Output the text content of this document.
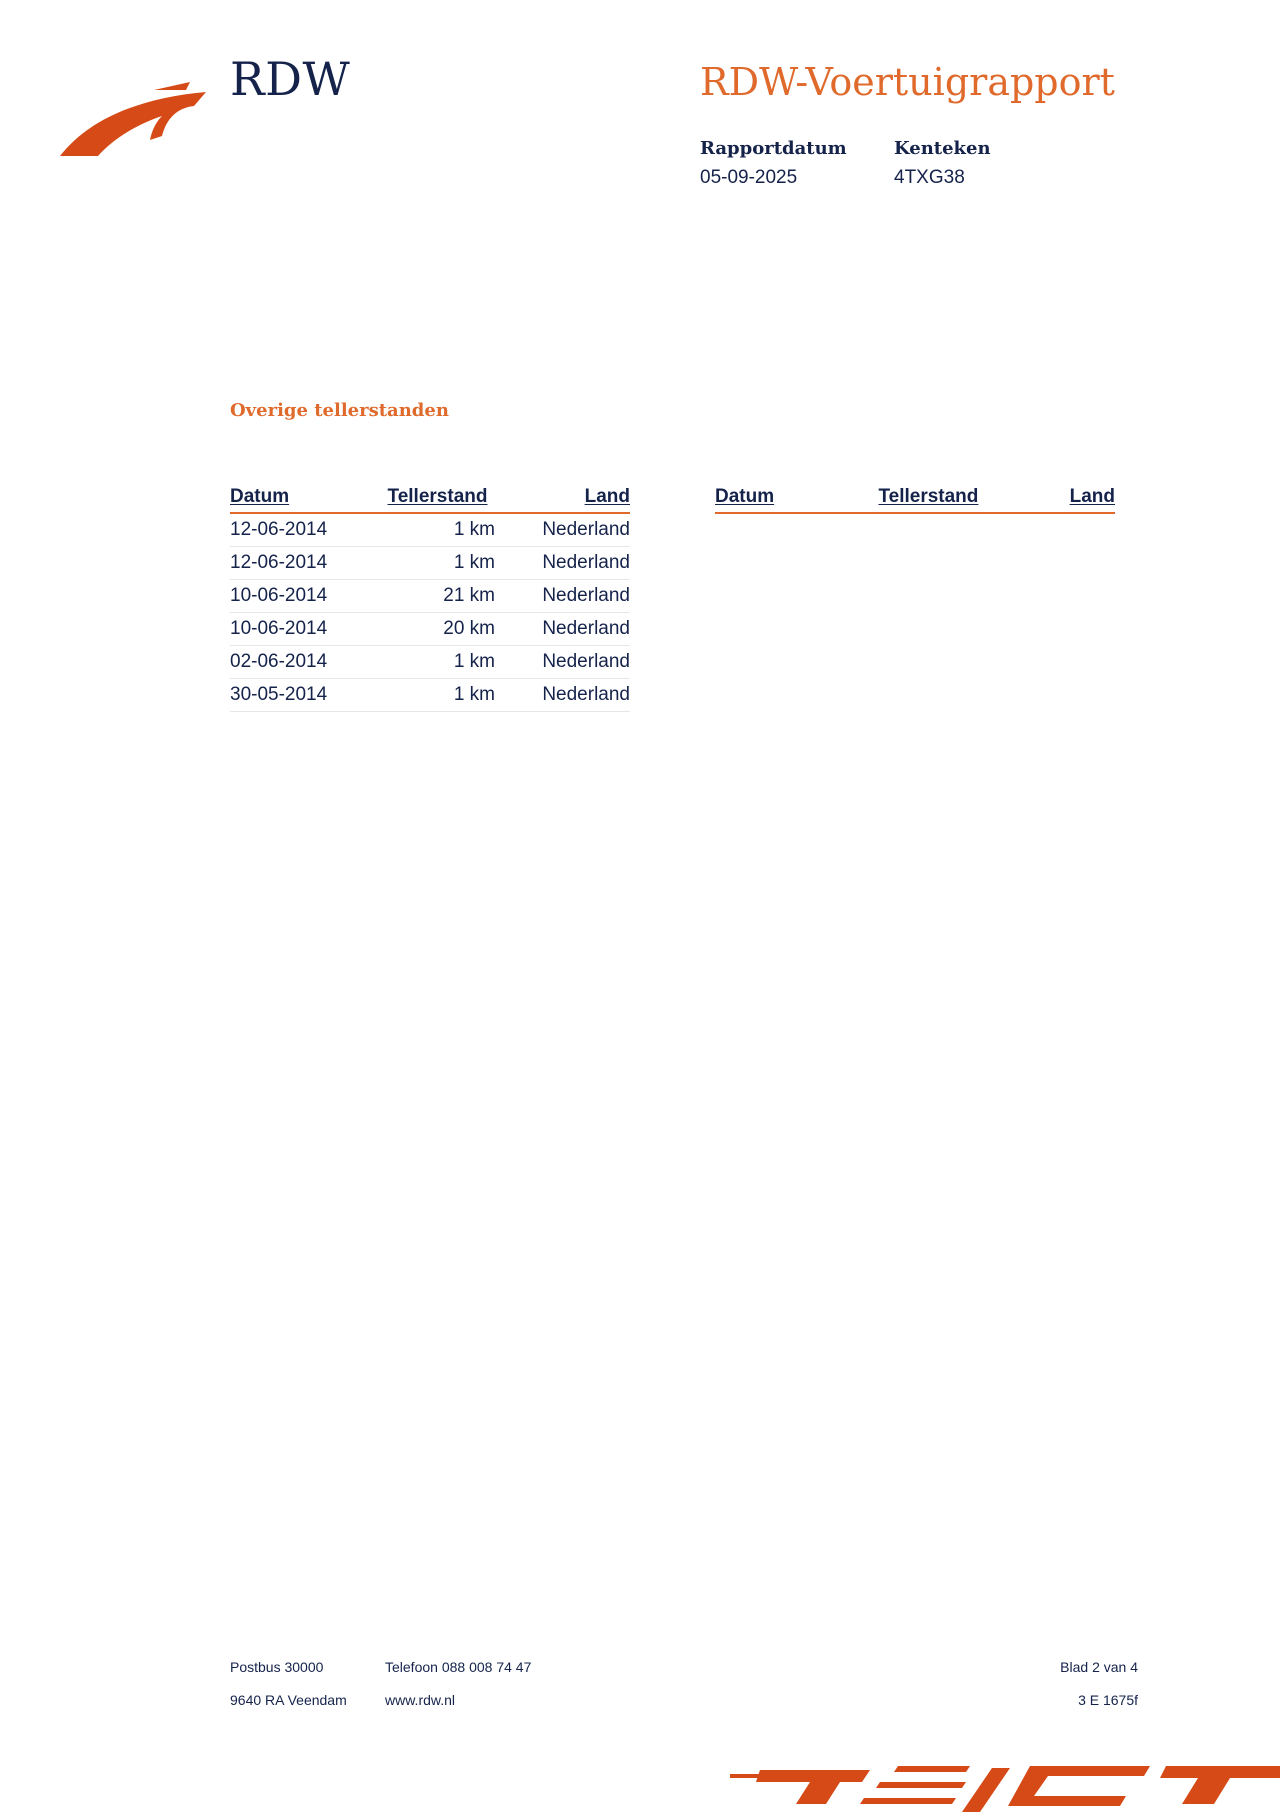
RDW	RDW-Voertuigrapport
Rapportdatum
05-09-2025
Kenteken
4TXG38
Overige tellerstanden
Datum	Tellerstand	Land
12-06-2014	1 km	Nederland
12-06-2014	1 km	Nederland
10-06-2014	21 km	Nederland
10-06-2014	20 km	Nederland
02-06-2014	1 km	Nederland
30-05-2014	1 km	Nederland
Datum	Tellerstand	Land
Postbus 30000
9640 RA Veendam
Telefoon 088 008 74 47
www.rdw.nl
Blad 2 van 4
3 E 1675f
